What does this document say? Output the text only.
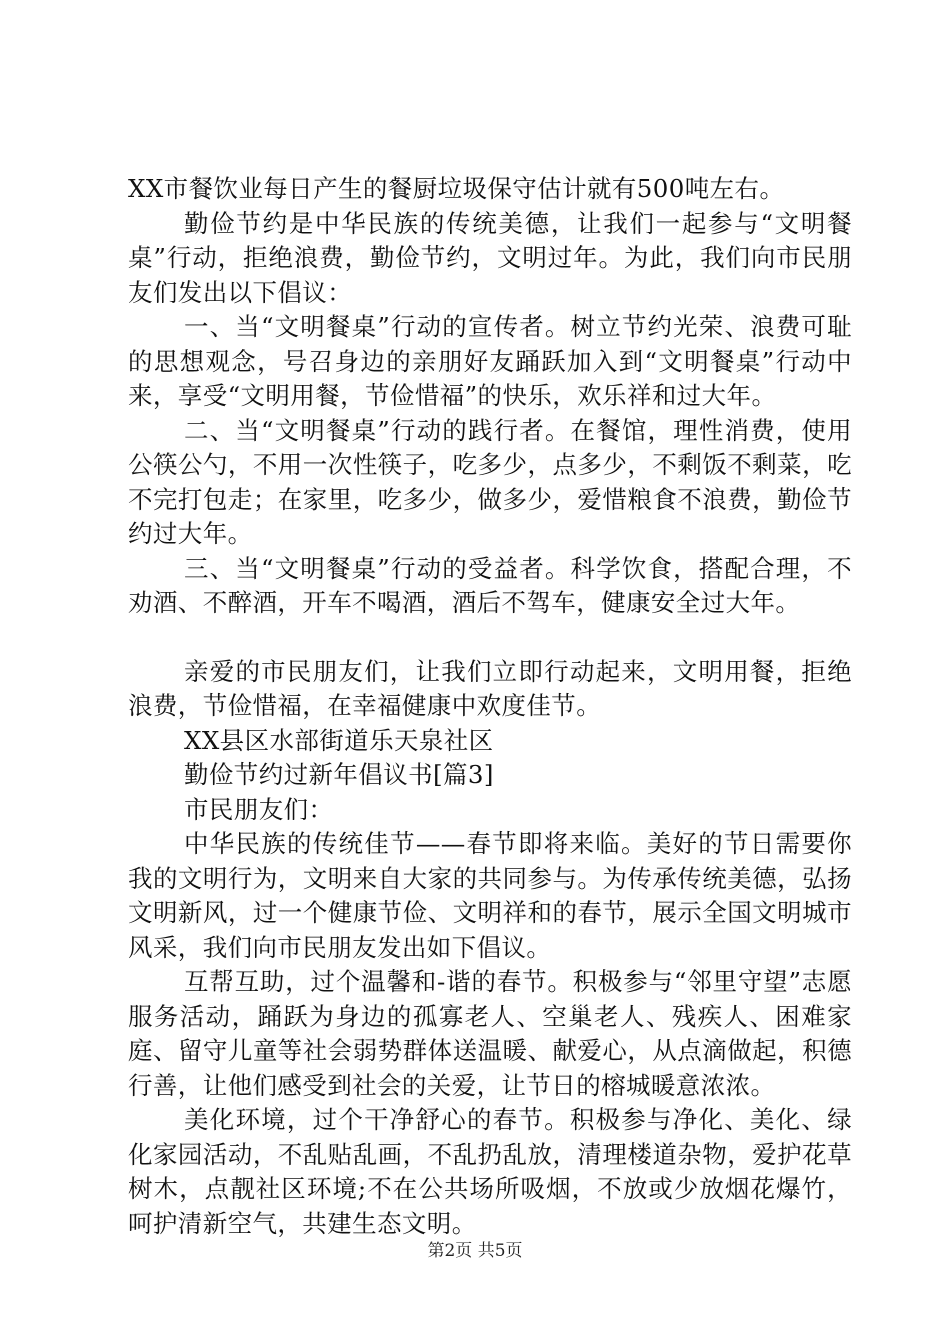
XX市餐饮业每日产生的餐厨垃圾保守估计就有500吨左右。

勤俭节约是中华民族的传统美德，让我们一起参与“文明餐桌”行动，拒绝浪费，勤俭节约，文明过年。为此，我们向市民朋友们发出以下倡议：

一、当“文明餐桌”行动的宣传者。树立节约光荣、浪费可耻的思想观念，号召身边的亲朋好友踊跃加入到“文明餐桌”行动中来，享受“文明用餐，节俭惜福”的快乐，欢乐祥和过大年。

二、当“文明餐桌”行动的践行者。在餐馆，理性消费，使用公筷公勺，不用一次性筷子，吃多少，点多少，不剩饭不剩菜，吃不完打包走；在家里，吃多少，做多少，爱惜粮食不浪费，勤俭节约过大年。

三、当“文明餐桌”行动的受益者。科学饮食，搭配合理，不劝酒、不醉酒，开车不喝酒，酒后不驾车，健康安全过大年。

亲爱的市民朋友们，让我们立即行动起来，文明用餐，拒绝浪费，节俭惜福，在幸福健康中欢度佳节。

XX县区水部街道乐天泉社区

勤俭节约过新年倡议书[篇3]

市民朋友们：

中华民族的传统佳节——春节即将来临。美好的节日需要你我的文明行为，文明来自大家的共同参与。为传承传统美德，弘扬文明新风，过一个健康节俭、文明祥和的春节，展示全国文明城市风采，我们向市民朋友发出如下倡议。

互帮互助，过个温馨和-谐的春节。积极参与“邻里守望”志愿服务活动，踊跃为身边的孤寡老人、空巢老人、残疾人、困难家庭、留守儿童等社会弱势群体送温暖、献爱心，从点滴做起，积德行善，让他们感受到社会的关爱，让节日的榕城暖意浓浓。

美化环境，过个干净舒心的春节。积极参与净化、美化、绿化家园活动，不乱贴乱画，不乱扔乱放，清理楼道杂物，爱护花草树木，点靓社区环境;不在公共场所吸烟，不放或少放烟花爆竹，呵护清新空气，共建生态文明。

第2页 共5页
